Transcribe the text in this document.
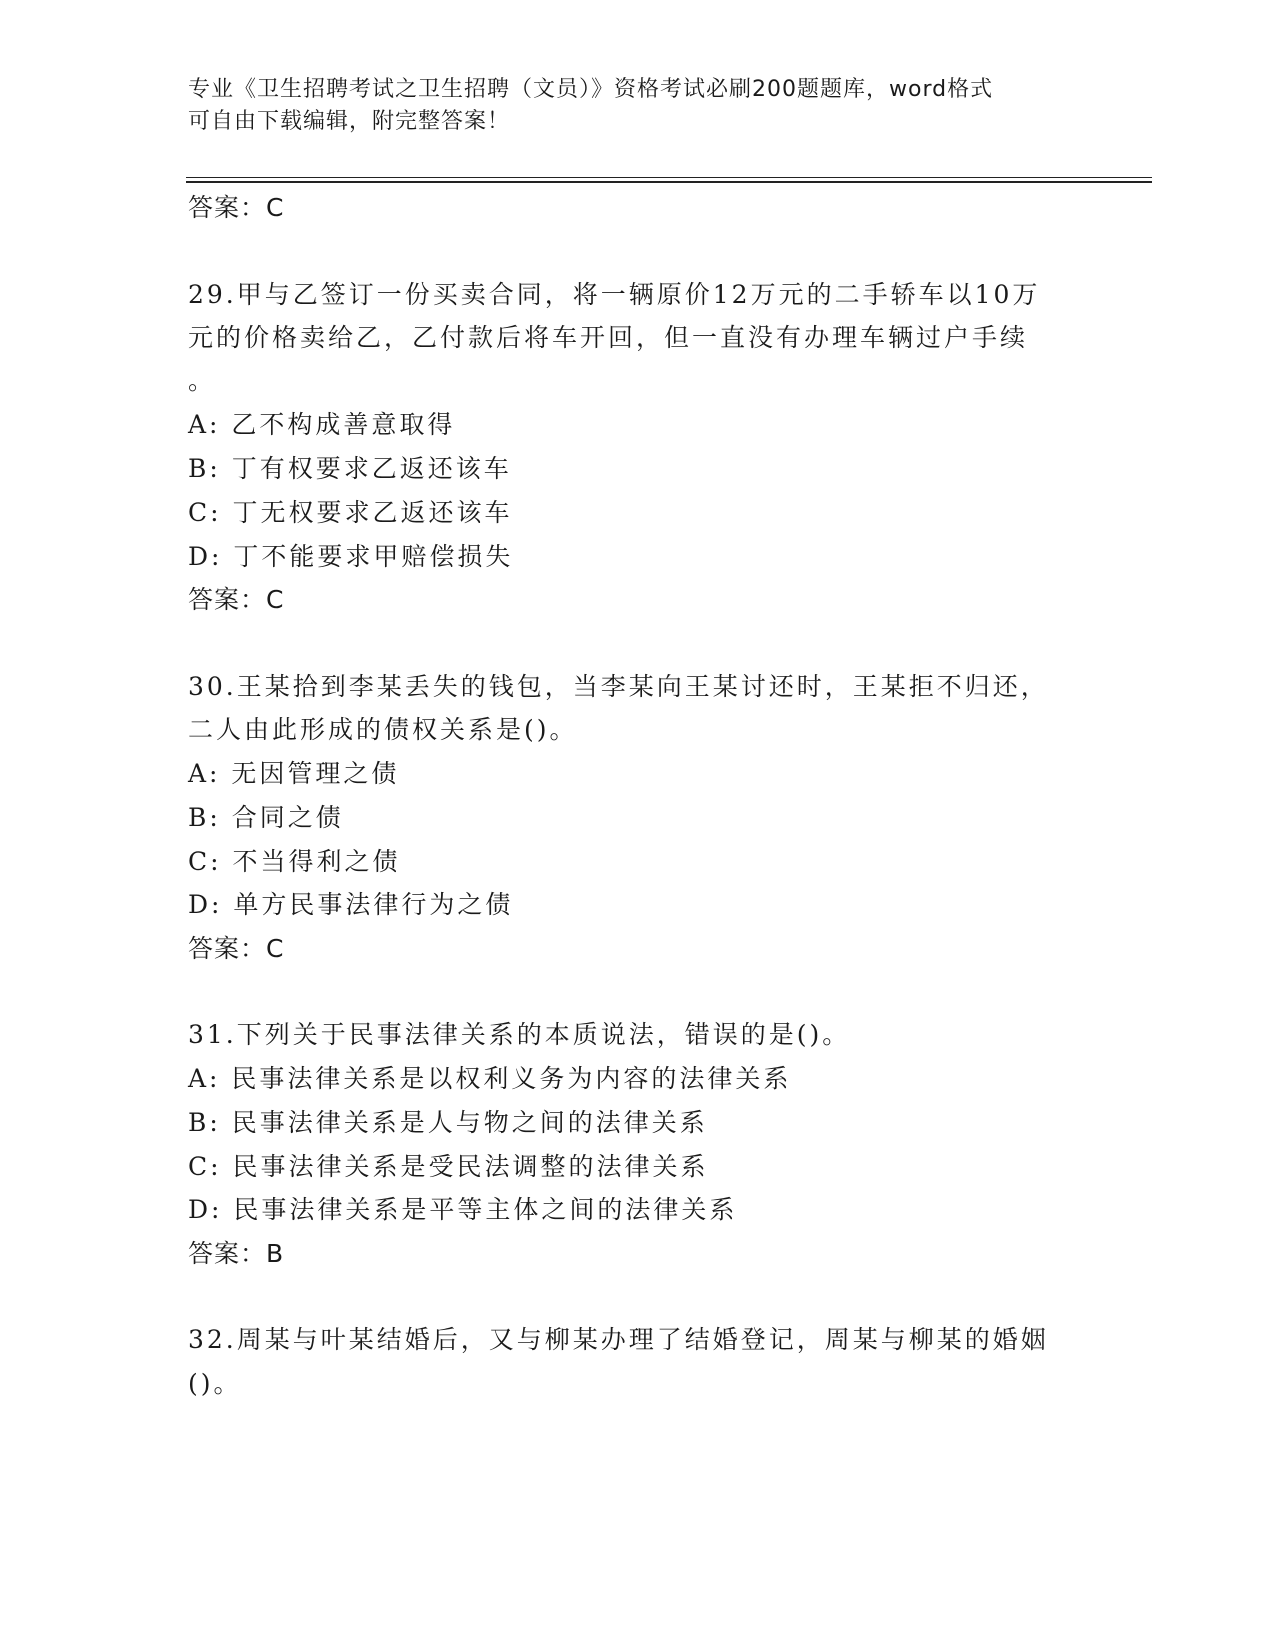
专业《卫生招聘考试之卫生招聘（文员）》资格考试必刷200题题库，word格式
可自由下载编辑，附完整答案！
答案：C
29.甲与乙签订一份买卖合同，将一辆原价12万元的二手轿车以10万
元的价格卖给乙，乙付款后将车开回，但一直没有办理车辆过户手续
。
A: 乙不构成善意取得
B: 丁有权要求乙返还该车
C: 丁无权要求乙返还该车
D: 丁不能要求甲赔偿损失
答案：C
30.王某拾到李某丢失的钱包，当李某向王某讨还时，王某拒不归还，
二人由此形成的债权关系是()。
A: 无因管理之债
B: 合同之债
C: 不当得利之债
D: 单方民事法律行为之债
答案：C
31.下列关于民事法律关系的本质说法，错误的是()。
A: 民事法律关系是以权利义务为内容的法律关系
B: 民事法律关系是人与物之间的法律关系
C: 民事法律关系是受民法调整的法律关系
D: 民事法律关系是平等主体之间的法律关系
答案：B
32.周某与叶某结婚后，又与柳某办理了结婚登记，周某与柳某的婚姻
()。
